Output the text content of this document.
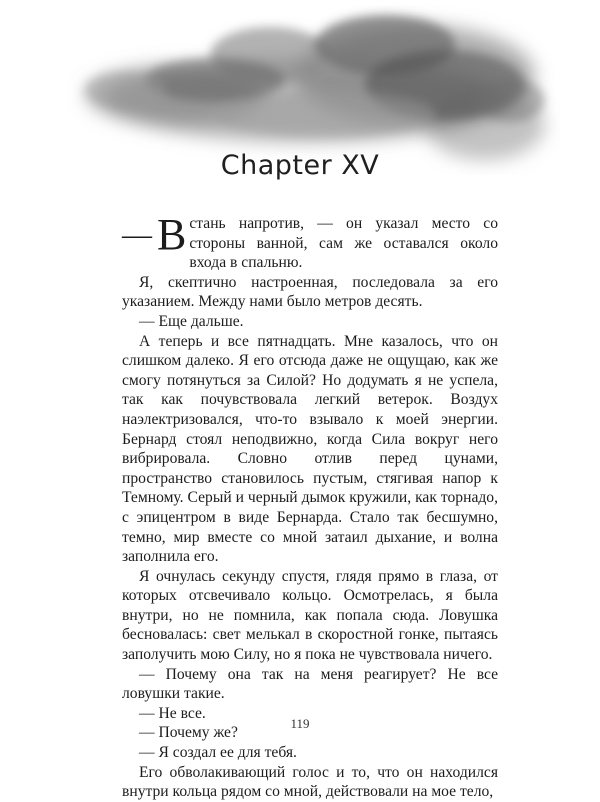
Chapter XV

— В стань напротив, — он указал место со стороны ванной, сам же оставался около входа в спальню.

Я, скептично настроенная, последовала за его указанием. Между нами было метров десять.

— Еще дальше.

А теперь и все пятнадцать. Мне казалось, что он слишком далеко. Я его отсюда даже не ощущаю, как же смогу потянуться за Силой? Но додумать я не успела, так как почувствовала легкий ветерок. Воздух наэлектризовался, что-то взывало к моей энергии. Бернард стоял неподвижно, когда Сила вокруг него вибрировала. Словно отлив перед цунами, пространство становилось пустым, стягивая напор к Темному. Серый и черный дымок кружили, как торнадо, с эпицентром в виде Бернарда. Стало так бесшумно, темно, мир вместе со мной затаил дыхание, и волна заполнила его.

Я очнулась секунду спустя, глядя прямо в глаза, от которых отсвечивало кольцо. Осмотрелась, я была внутри, но не помнила, как попала сюда. Ловушка бесновалась: свет мелькал в скоростной гонке, пытаясь заполучить мою Силу, но я пока не чувствовала ничего.

— Почему она так на меня реагирует? Не все ловушки такие.

— Не все.

— Почему же?

— Я создал ее для тебя.

Его обволакивающий голос и то, что он находился внутри кольца рядом со мной, действовали на мое тело,

119
